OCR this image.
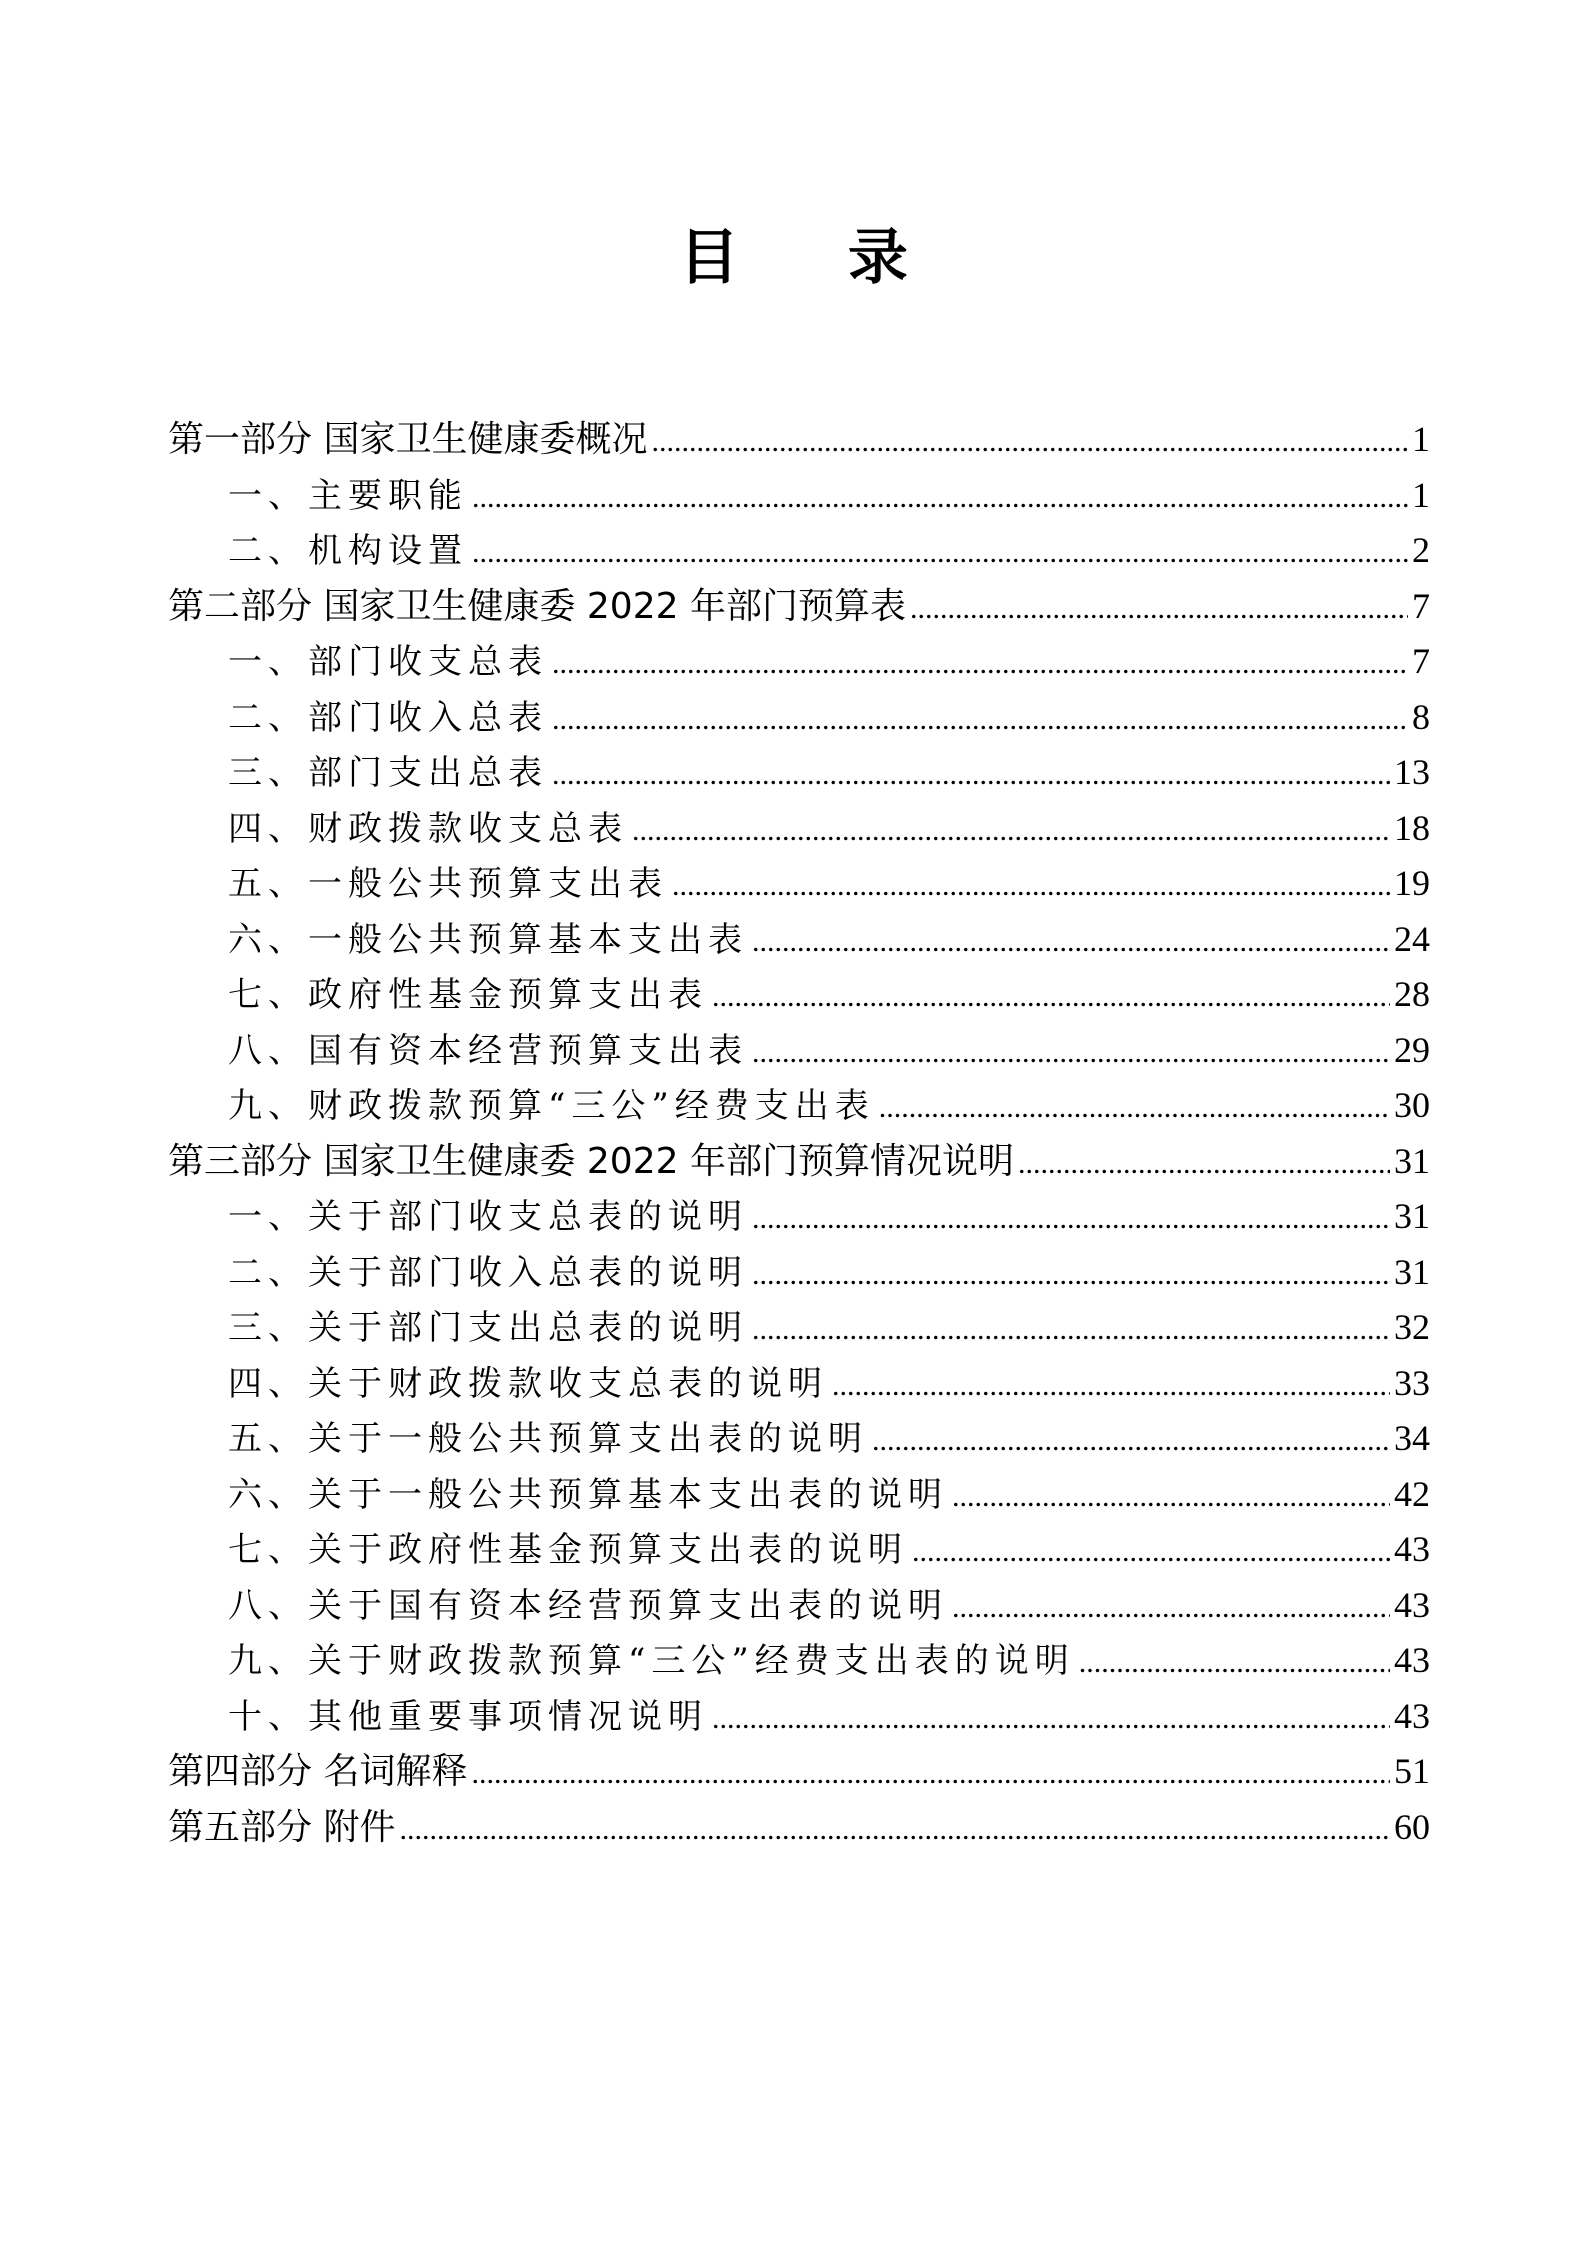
目 录
第一部分 国家卫生健康委概况 .....	1
一、主要职能 .....	1
二、机构设置 .....	2
第二部分 国家卫生健康委 2022 年部门预算表 .....	7
一、部门收支总表 .....	7
二、部门收入总表 .....	8
三、部门支出总表 .....	13
四、财政拨款收支总表 .....	18
五、一般公共预算支出表 .....	19
六、一般公共预算基本支出表 .....	24
七、政府性基金预算支出表 .....	28
八、国有资本经营预算支出表 .....	29
九、财政拨款预算“三公”经费支出表 .....	30
第三部分 国家卫生健康委 2022 年部门预算情况说明 .....	31
一、关于部门收支总表的说明 .....	31
二、关于部门收入总表的说明 .....	31
三、关于部门支出总表的说明 .....	32
四、关于财政拨款收支总表的说明 .....	33
五、关于一般公共预算支出表的说明 .....	34
六、关于一般公共预算基本支出表的说明 .....	42
七、关于政府性基金预算支出表的说明 .....	43
八、关于国有资本经营预算支出表的说明 .....	43
九、关于财政拨款预算“三公”经费支出表的说明 .....	43
十、其他重要事项情况说明 .....	43
第四部分 名词解释 .....	51
第五部分 附件 .....	60
